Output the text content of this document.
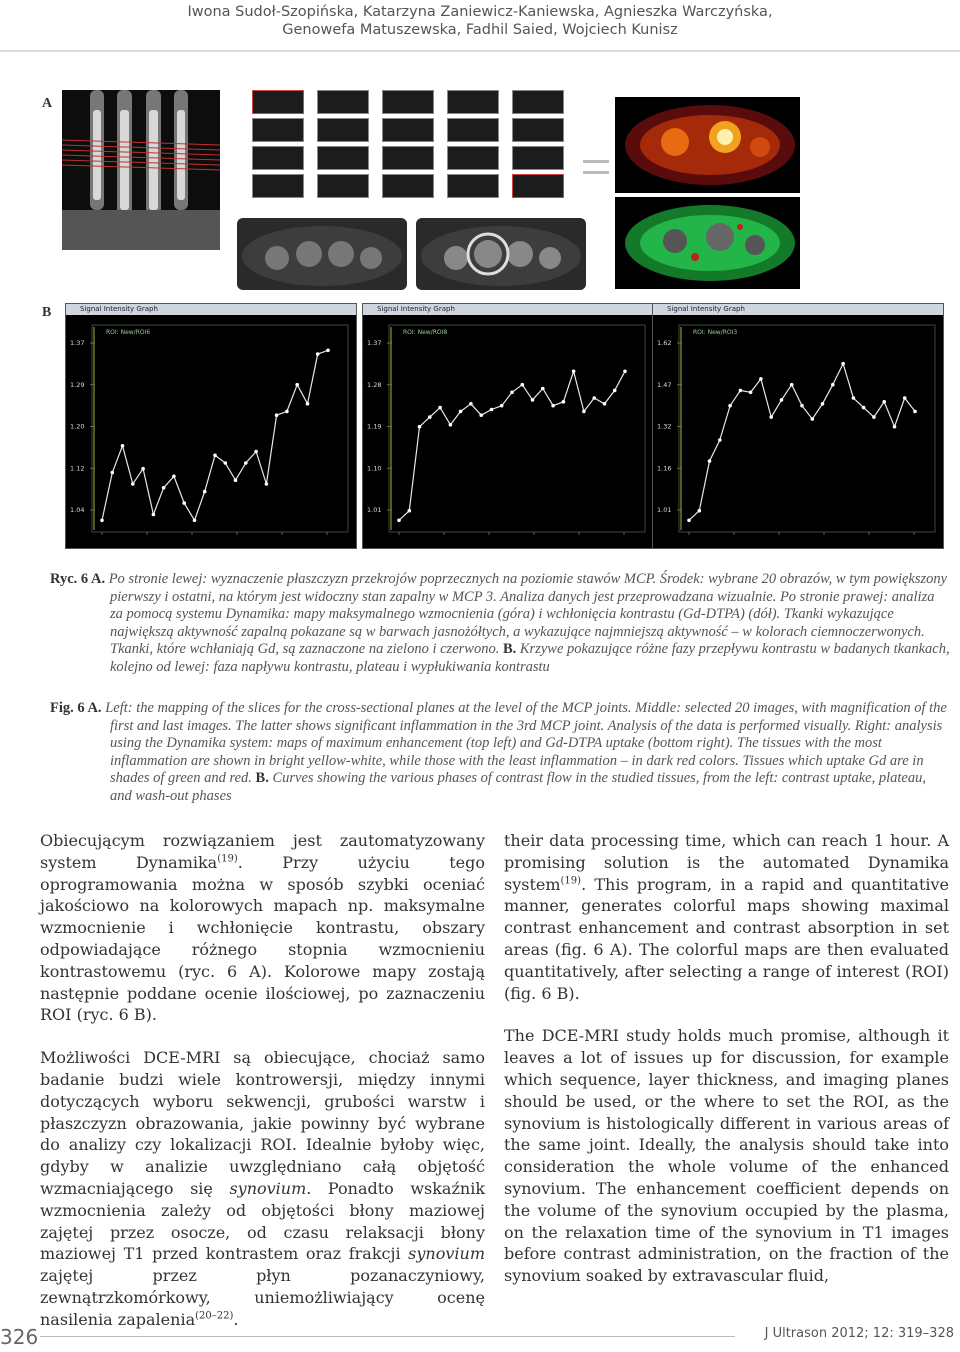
Iwona Sudoł-Szopińska, Katarzyna Zaniewicz-Kaniewska, Agnieszka Warczyńska,
Genowefa Matuszewska, Fadhil Saied, Wojciech Kunisz
A
B	Signal Intensity Graph
ROI: New/ROI6
1.37
1.29
1.20
1.12
1.04
Signal Intensity Graph
ROI: New/ROI8
1.37
1.28
1.19
1.10
1.01
Signal Intensity Graph
ROI: New/ROI3
1.62
1.47
1.32
1.16
1.01
Ryc. 6 A. Po stronie lewej: wyznaczenie płaszczyzn przekrojów poprzecznych na poziomie stawów MCP. Środek: wybrane 20 obrazów, w tym powiększony pierwszy i ostatni, na którym jest widoczny stan zapalny w MCP 3. Analiza danych jest przeprowadzana wizualnie. Po stronie prawej: analiza za pomocą systemu Dynamika: mapy maksymalnego wzmocnienia (góra) i wchłonięcia kontrastu (Gd-DTPA) (dół). Tkanki wykazujące największą aktywność zapalną pokazane są w barwach jasnożółtych, a wykazujące najmniejszą aktywność – w kolorach ciemnoczerwonych. Tkanki, które wchłaniają Gd, są zaznaczone na zielono i czerwono. B. Krzywe pokazujące różne fazy przepływu kontrastu w badanych tkankach, kolejno od lewej: faza napływu kontrastu, plateau i wypłukiwania kontrastu
Fig. 6 A. Left: the mapping of the slices for the cross-sectional planes at the level of the MCP joints. Middle: selected 20 images, with magnification of the first and last images. The latter shows significant inflammation in the 3rd MCP joint. Analysis of the data is performed visually. Right: analysis using the Dynamika system: maps of maximum enhancement (top left) and Gd-DTPA uptake (bottom right). The tissues with the most inflammation are shown in bright yellow-white, while those with the least inflammation – in dark red colors. Tissues which uptake Gd are in shades of green and red. B. Curves showing the various phases of contrast flow in the studied tissues, from the left: contrast uptake, plateau, and wash-out phases

Obiecującym rozwiązaniem jest zautomatyzowany system Dynamika$^{(19)}$. Przy użyciu tego oprogramowania można w sposób szybki oceniać jakościowo na kolorowych mapach np. maksymalne wzmocnienie i wchłonięcie kontrastu, obszary odpowiadające różnego stopnia wzmocnieniu kontrastowemu (ryc. 6 A). Kolorowe mapy zostają następnie poddane ocenie ilościowej, po zaznaczeniu ROI (ryc. 6 B).

Możliwości DCE-MRI są obiecujące, chociaż samo badanie budzi wiele kontrowersji, między innymi dotyczących wyboru sekwencji, grubości warstw i płaszczyzn obrazowania, jakie powinny być wybrane do analizy czy lokalizacji ROI. Idealnie byłoby więc, gdyby w analizie uwzględniano całą objętość wzmacniającego się synovium. Ponadto wskaźnik wzmocnienia zależy od objętości błony maziowej zajętej przez osocze, od czasu relaksacji błony maziowej T1 przed kontrastem oraz frakcji synovium zajętej przez płyn pozanaczyniowy, zewnątrzkomórkowy, uniemożliwiający ocenę nasilenia zapalenia$^{(20-22)}$.

their data processing time, which can reach 1 hour. A promising solution is the automated Dynamika system$^{(19)}$. This program, in a rapid and quantitative manner, generates colorful maps showing maximal contrast enhancement and contrast absorption in set areas (fig. 6 A). The colorful maps are then evaluated quantitatively, after selecting a range of interest (ROI) (fig. 6 B).

The DCE-MRI study holds much promise, although it leaves a lot of issues up for discussion, for example which sequence, layer thickness, and imaging planes should be used, or the where to set the ROI, as the synovium is histologically different in various areas of the same joint. Ideally, the analysis should take into consideration the whole volume of the enhanced synovium. The enhancement coefficient depends on the volume of the synovium occupied by the plasma, on the relaxation time of the synovium in T1 images before contrast administration, on the fraction of the synovium soaked by extravascular fluid,

326	J Ultrason 2012; 12: 319–328
